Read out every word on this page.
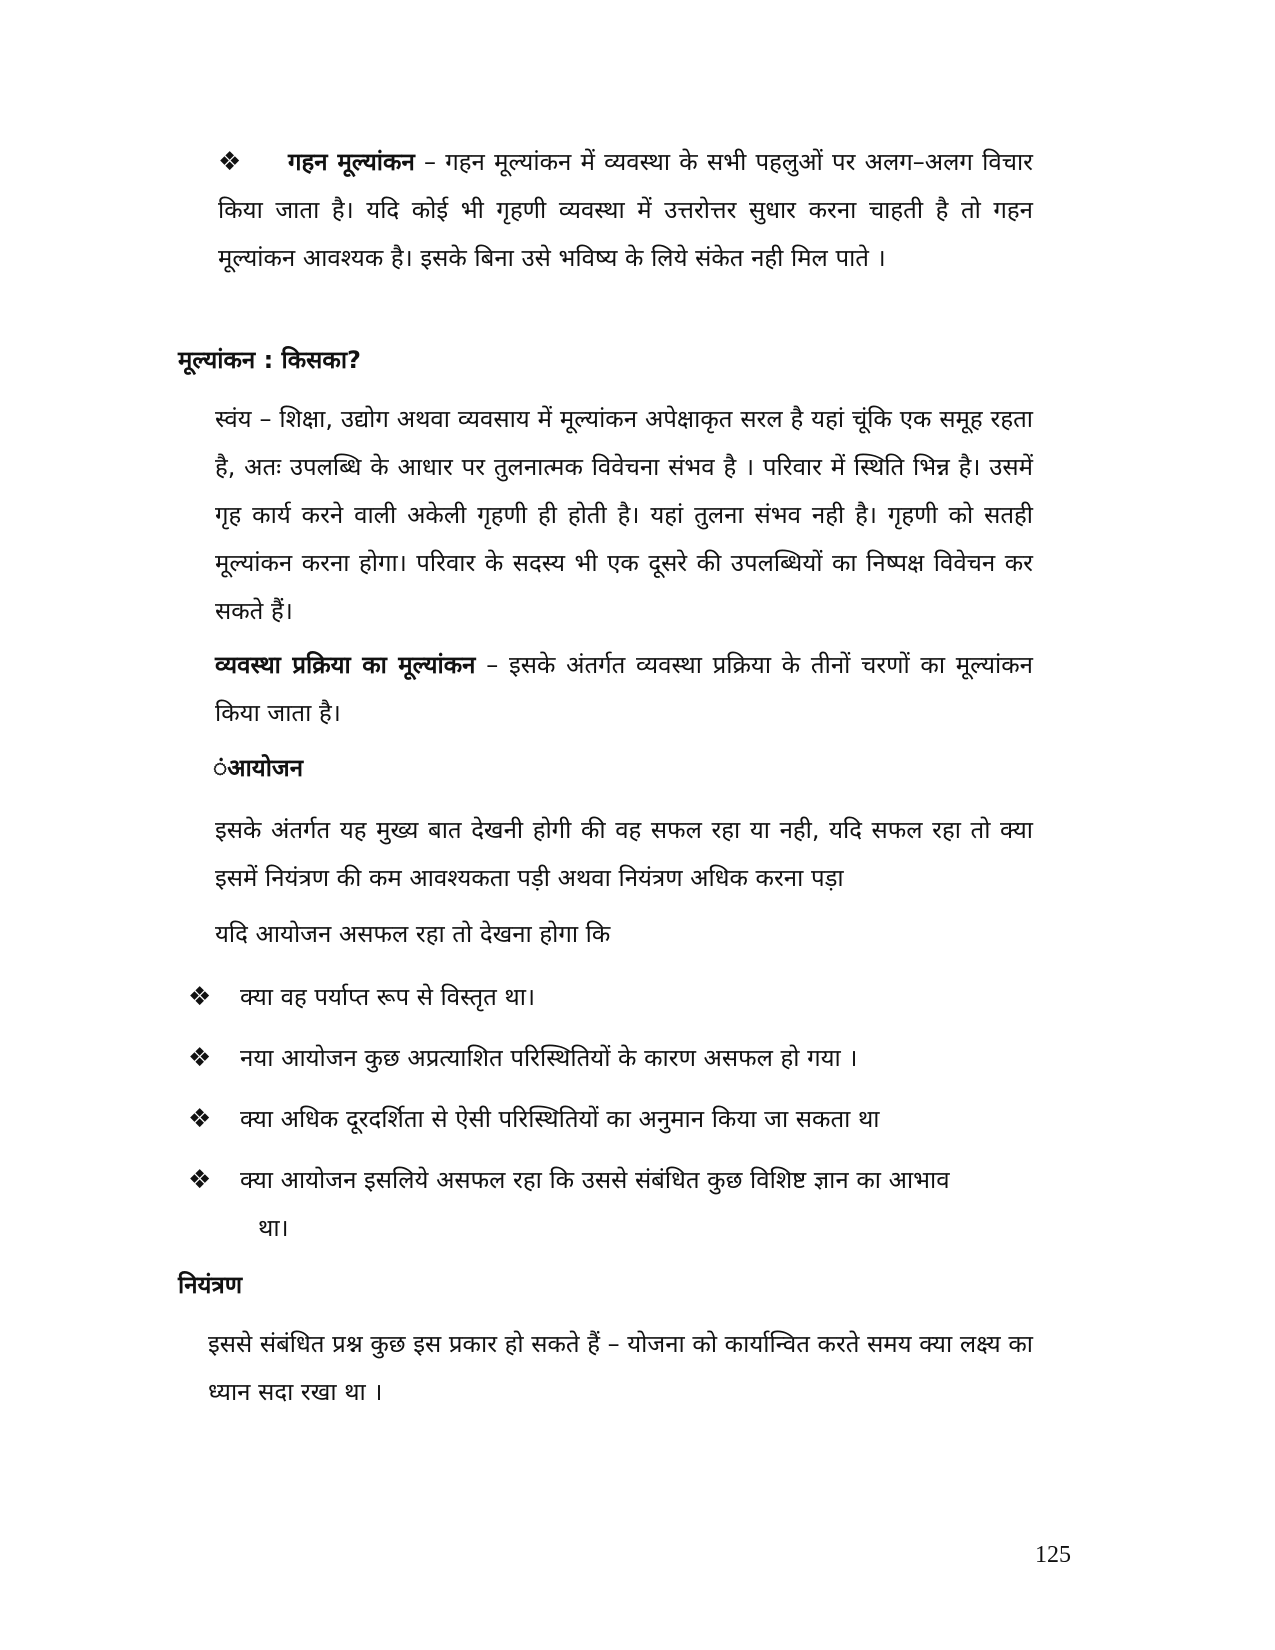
❖ गहन मूल्यांकन – गहन मूल्यांकन में व्यवस्था के सभी पहलुओं पर अलग–अलग विचार किया जाता है। यदि कोई भी गृहणी व्यवस्था में उत्तरोत्तर सुधार करना चाहती है तो गहन मूल्यांकन आवश्यक है। इसके बिना उसे भविष्य के लिये संकेत नही मिल पाते ।
मूल्यांकन : किसका?
स्वंय – शिक्षा, उद्योग अथवा व्यवसाय में मूल्यांकन अपेक्षाकृत सरल है यहां चूंकि एक समूह रहता है, अतः उपलब्धि के आधार पर तुलनात्मक विवेचना संभव है । परिवार में स्थिति भिन्न है। उसमें गृह कार्य करने वाली अकेली गृहणी ही होती है। यहां तुलना संभव नही है। गृहणी को सतही मूल्यांकन करना होगा। परिवार के सदस्य भी एक दूसरे की उपलब्धियों का निष्पक्ष विवेचन कर सकते हैं।
व्यवस्था प्रक्रिया का मूल्यांकन – इसके अंतर्गत व्यवस्था प्रक्रिया के तीनों चरणों का मूल्यांकन किया जाता है।
ंआयोजन
इसके अंतर्गत यह मुख्य बात देखनी होगी की वह सफल रहा या नही, यदि सफल रहा तो क्या इसमें नियंत्रण की कम आवश्यकता पड़ी अथवा नियंत्रण अधिक करना पड़ा
यदि आयोजन असफल रहा तो देखना होगा कि
❖ क्या वह पर्याप्त रूप से विस्तृत था।
❖ नया आयोजन कुछ अप्रत्याशित परिस्थितियों के कारण असफल हो गया ।
❖ क्या अधिक दूरदर्शिता से ऐसी परिस्थितियों का अनुमान किया जा सकता था
❖ क्या आयोजन इसलिये असफल रहा कि उससे संबंधित कुछ विशिष्ट ज्ञान का आभाव
था।
नियंत्रण
इससे संबंधित प्रश्न कुछ इस प्रकार हो सकते हैं – योजना को कार्यान्वित करते समय क्या लक्ष्य का ध्यान सदा रखा था ।
125
